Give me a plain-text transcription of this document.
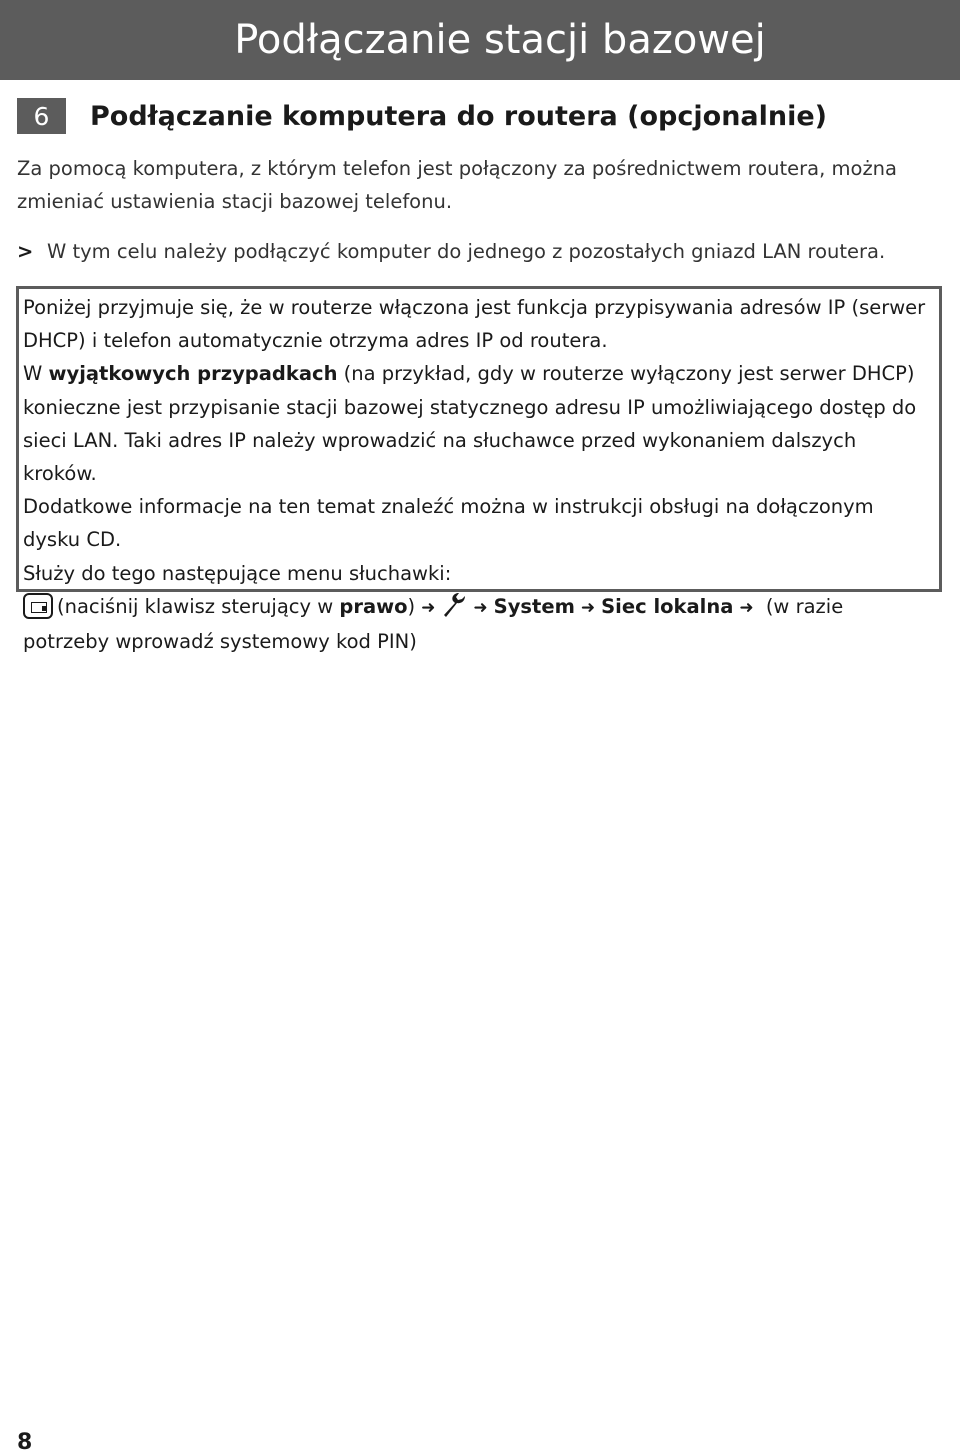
Podłączanie stacji bazowej
6	Podłączanie komputera do routera (opcjonalnie)

Za pomocą komputera, z którym telefon jest połączony za pośrednictwem routera, można zmieniać ustawienia stacji bazowej telefonu.

> W tym celu należy podłączyć komputer do jednego z pozostałych gniazd LAN routera.

Poniżej przyjmuje się, że w routerze włączona jest funkcja przypisywania adresów IP (serwer DHCP) i telefon automatycznie otrzyma adres IP od routera.

W wyjątkowych przypadkach (na przykład, gdy w routerze wyłączony jest serwer DHCP) konieczne jest przypisanie stacji bazowej statycznego adresu IP umożliwiającego dostęp do sieci LAN. Taki adres IP należy wprowadzić na słuchawce przed wykonaniem dalszych kroków.

Dodatkowe informacje na ten temat znaleźć można w instrukcji obsługi na dołączonym dysku CD.

Służy do tego następujące menu słuchawki:

(naciśnij klawisz sterujący w prawo) ➜ ➜ System ➜ Siec lokalna ➜ (w razie potrzeby wprowadź systemowy kod PIN)

8
